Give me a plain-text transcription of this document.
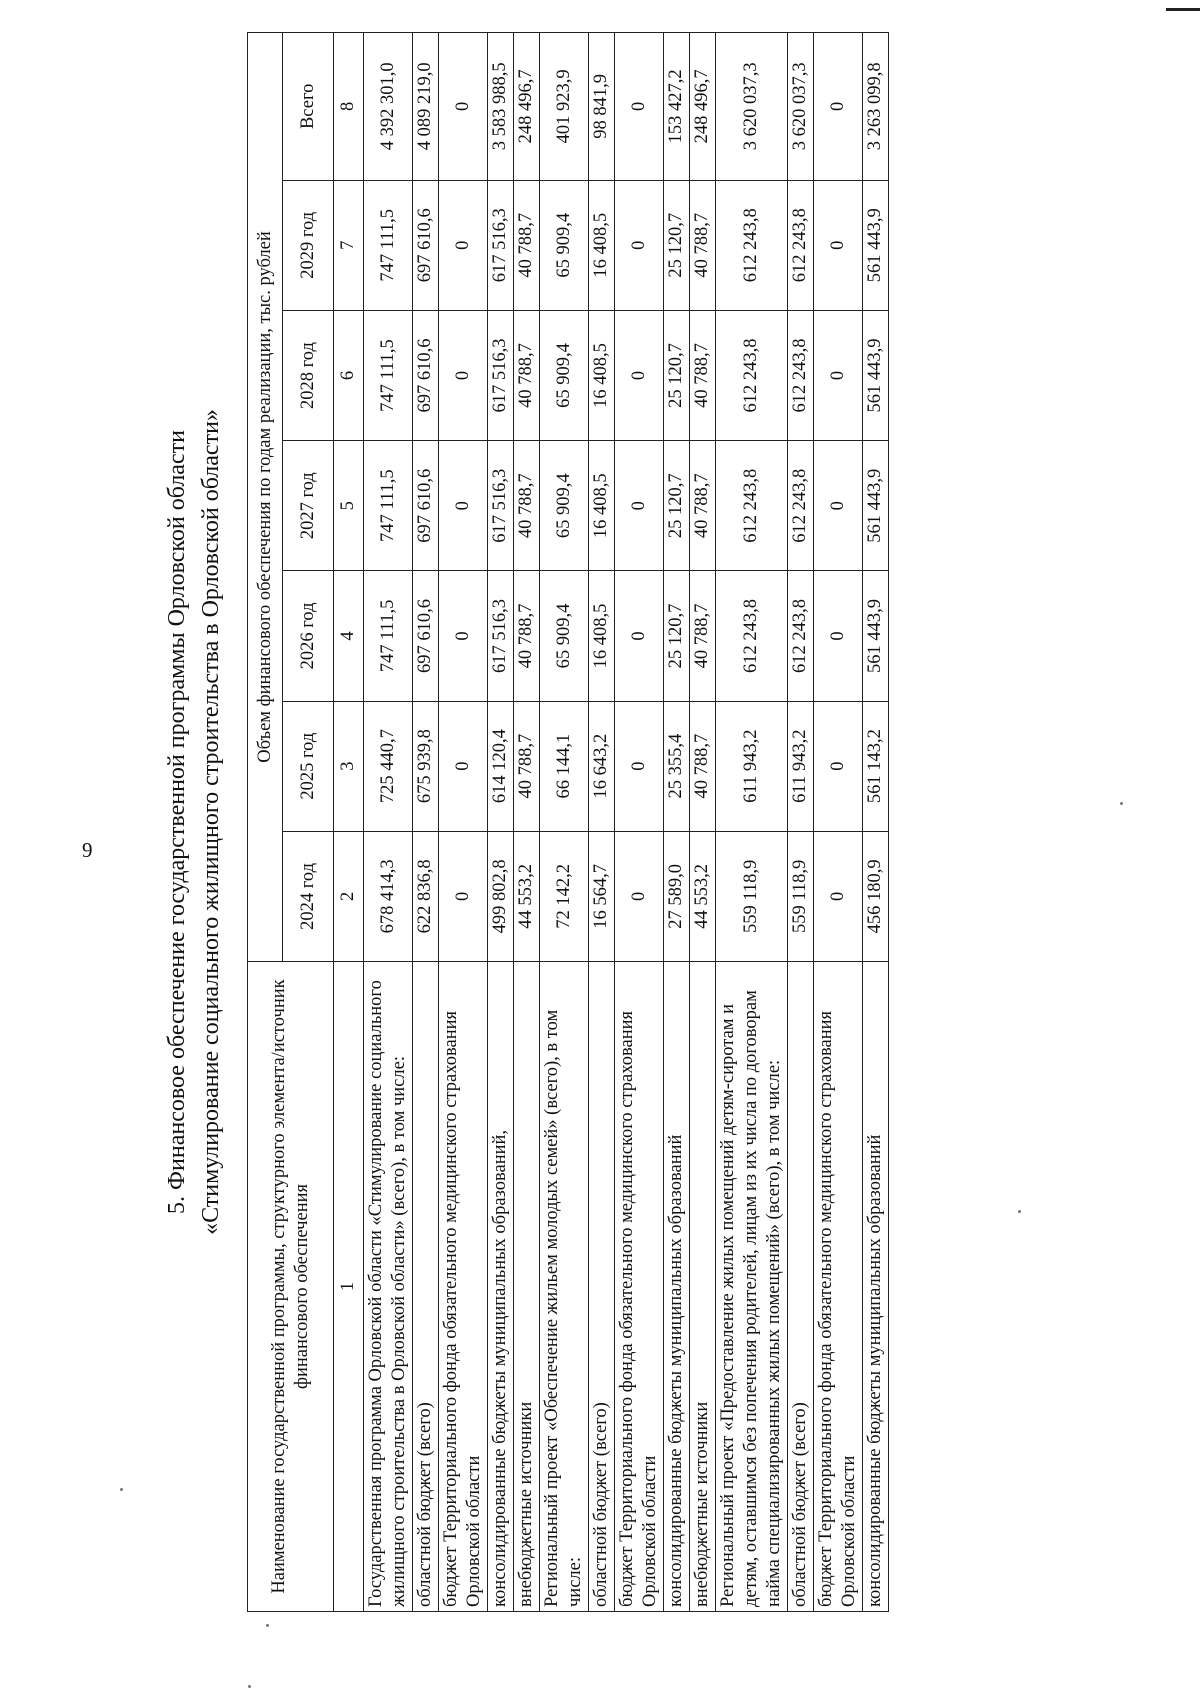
9	5. Финансовое обеспечение государственной программы Орловской области «Стимулирование социального жилищного строительства в Орловской области»
Наименование государственной программы, структурного элемента/источник финансового обеспечения	Объем финансового обеспечения по годам реализации, тыс. рублей						
	2024 год	2025 год	2026 год	2027 год	2028 год	2029 год	Всего
1	2	3	4	5	6	7	8
Государственная программа Орловской области «Стимулирование социального жилищного строительства в Орловской области» (всего), в том числе:	678 414,3	725 440,7	747 111,5	747 111,5	747 111,5	747 111,5	4 392 301,0
областной бюджет (всего)	622 836,8	675 939,8	697 610,6	697 610,6	697 610,6	697 610,6	4 089 219,0
бюджет Территориального фонда обязательного медицинского страхования Орловской области	0	0	0	0	0	0	0
консолидированные бюджеты муниципальных образований,	499 802,8	614 120,4	617 516,3	617 516,3	617 516,3	617 516,3	3 583 988,5
внебюджетные источники	44 553,2	40 788,7	40 788,7	40 788,7	40 788,7	40 788,7	248 496,7
Региональный проект «Обеспечение жильем молодых семей» (всего), в том числе:	72 142,2	66 144,1	65 909,4	65 909,4	65 909,4	65 909,4	401 923,9
областной бюджет (всего)	16 564,7	16 643,2	16 408,5	16 408,5	16 408,5	16 408,5	98 841,9
бюджет Территориального фонда обязательного медицинского страхования Орловской области	0	0	0	0	0	0	0
консолидированные бюджеты муниципальных образований	27 589,0	25 355,4	25 120,7	25 120,7	25 120,7	25 120,7	153 427,2
внебюджетные источники	44 553,2	40 788,7	40 788,7	40 788,7	40 788,7	40 788,7	248 496,7
Региональный проект «Предоставление жилых помещений детям-сиротам и детям, оставшимся без попечения родителей, лицам из их числа по договорам найма специализированных жилых помещений» (всего), в том числе:	559 118,9	611 943,2	612 243,8	612 243,8	612 243,8	612 243,8	3 620 037,3
областной бюджет (всего)	559 118,9	611 943,2	612 243,8	612 243,8	612 243,8	612 243,8	3 620 037,3
бюджет Территориального фонда обязательного медицинского страхования Орловской области	0	0	0	0	0	0	0
консолидированные бюджеты муниципальных образований	456 180,9	561 143,2	561 443,9	561 443,9	561 443,9	561 443,9	3 263 099,8
